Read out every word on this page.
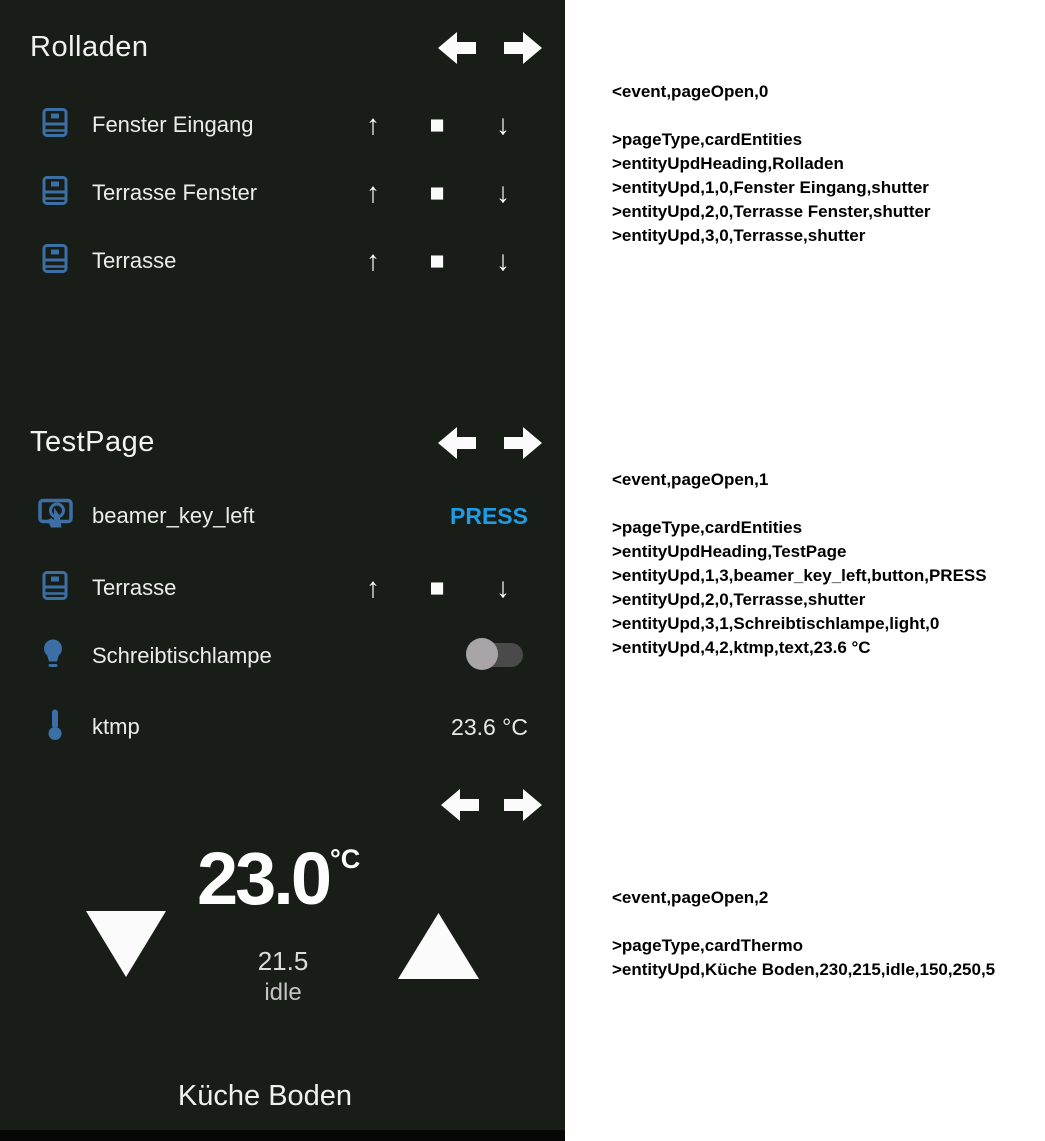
Rolladen
Fenster Eingang	↑	■	↓
Terrasse Fenster	↑	■	↓
Terrasse	↑	■	↓
TestPage
beamer_key_left	PRESS
Terrasse	↑	■	↓
Schreibtischlampe
ktmp	23.6 °C
23.0 °C
21.5
idle
Küche Boden
<event,pageOpen,0
>pageType,cardEntities
>entityUpdHeading,Rolladen
>entityUpd,1,0,Fenster Eingang,shutter
>entityUpd,2,0,Terrasse Fenster,shutter
>entityUpd,3,0,Terrasse,shutter
<event,pageOpen,1
>pageType,cardEntities
>entityUpdHeading,TestPage
>entityUpd,1,3,beamer_key_left,button,PRESS
>entityUpd,2,0,Terrasse,shutter
>entityUpd,3,1,Schreibtischlampe,light,0
>entityUpd,4,2,ktmp,text,23.6 °C
<event,pageOpen,2
>pageType,cardThermo
>entityUpd,Küche Boden,230,215,idle,150,250,5
